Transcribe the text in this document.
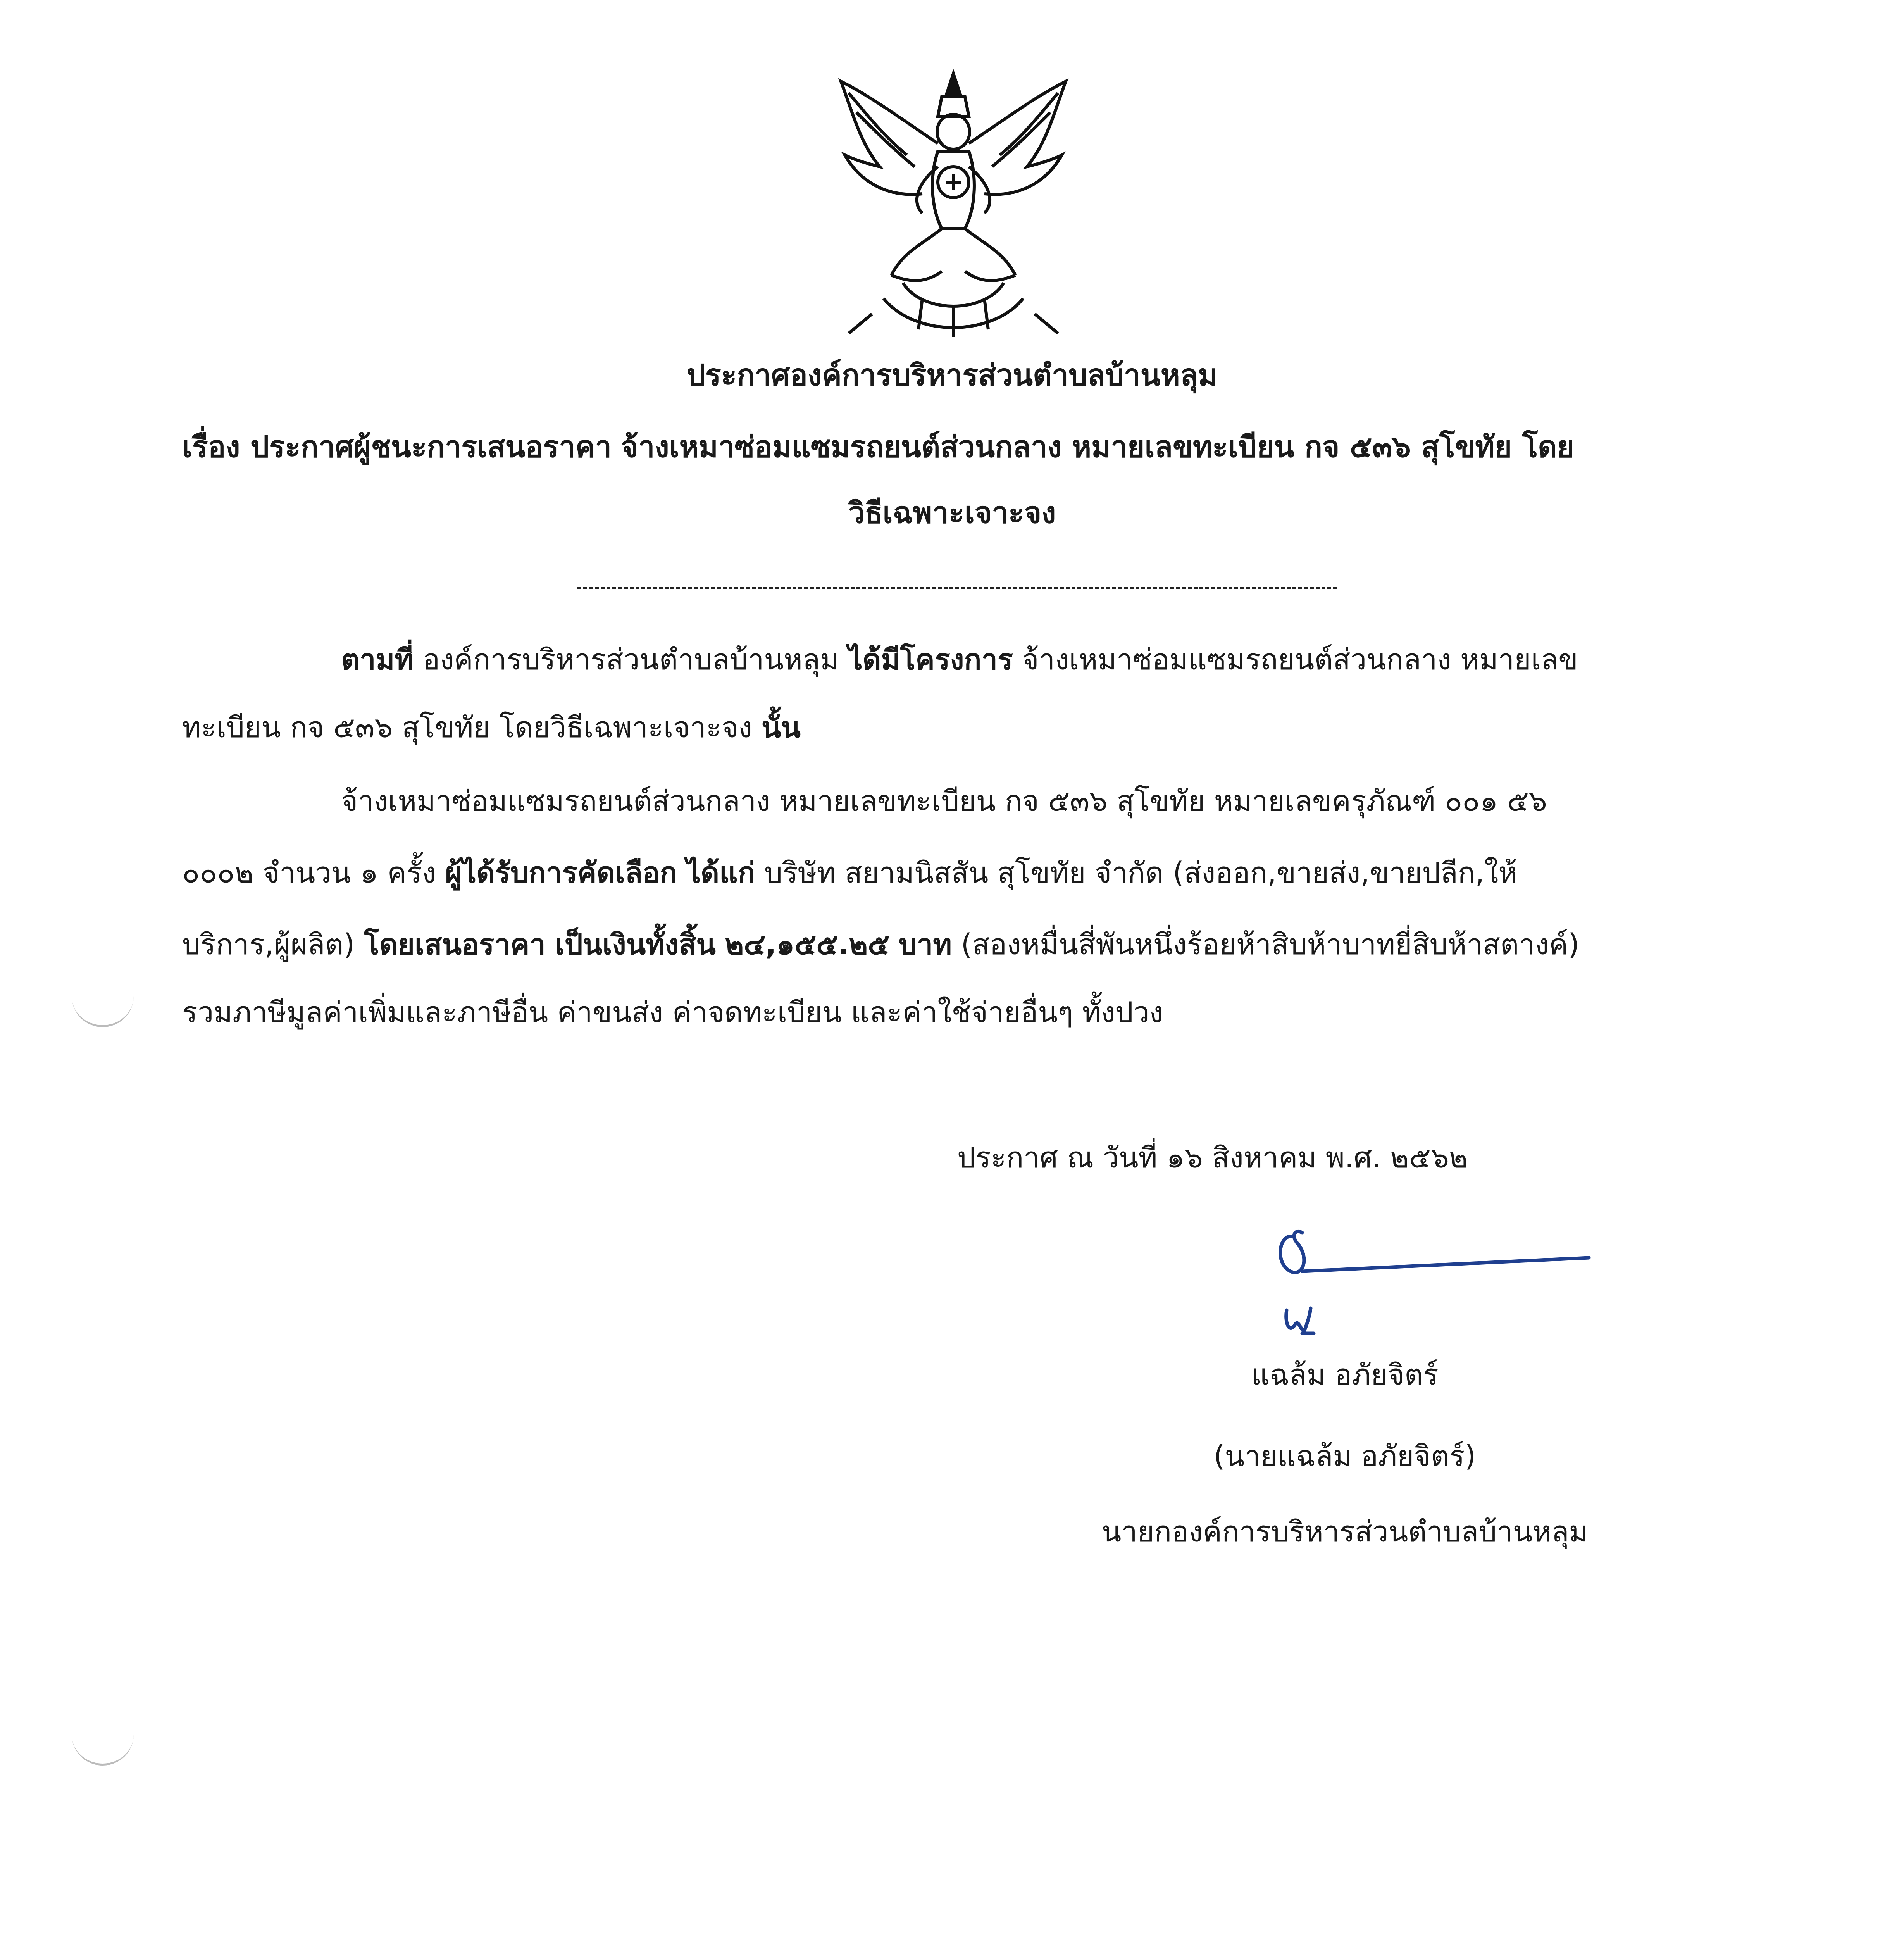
ประกาศองค์การบริหารส่วนตำบลบ้านหลุม
เรื่อง ประกาศผู้ชนะการเสนอราคา จ้างเหมาซ่อมแซมรถยนต์ส่วนกลาง หมายเลขทะเบียน กจ ๕๓๖ สุโขทัย โดย
วิธีเฉพาะเจาะจง
ตามที่ องค์การบริหารส่วนตำบลบ้านหลุม ได้มีโครงการ จ้างเหมาซ่อมแซมรถยนต์ส่วนกลาง หมายเลข
ทะเบียน กจ ๕๓๖ สุโขทัย โดยวิธีเฉพาะเจาะจง นั้น
จ้างเหมาซ่อมแซมรถยนต์ส่วนกลาง หมายเลขทะเบียน กจ ๕๓๖ สุโขทัย หมายเลขครุภัณฑ์ ๐๐๑ ๕๖
๐๐๐๒ จำนวน ๑ ครั้ง ผู้ได้รับการคัดเลือก ได้แก่ บริษัท สยามนิสสัน สุโขทัย จำกัด (ส่งออก,ขายส่ง,ขายปลีก,ให้
บริการ,ผู้ผลิต) โดยเสนอราคา เป็นเงินทั้งสิ้น ๒๔,๑๕๕.๒๕ บาท (สองหมื่นสี่พันหนึ่งร้อยห้าสิบห้าบาทยี่สิบห้าสตางค์)
รวมภาษีมูลค่าเพิ่มและภาษีอื่น ค่าขนส่ง ค่าจดทะเบียน และค่าใช้จ่ายอื่นๆ ทั้งปวง
ประกาศ ณ วันที่ ๑๖ สิงหาคม พ.ศ. ๒๕๖๒
แฉล้ม อภัยจิตร์
(นายแฉล้ม อภัยจิตร์)
นายกองค์การบริหารส่วนตำบลบ้านหลุม
